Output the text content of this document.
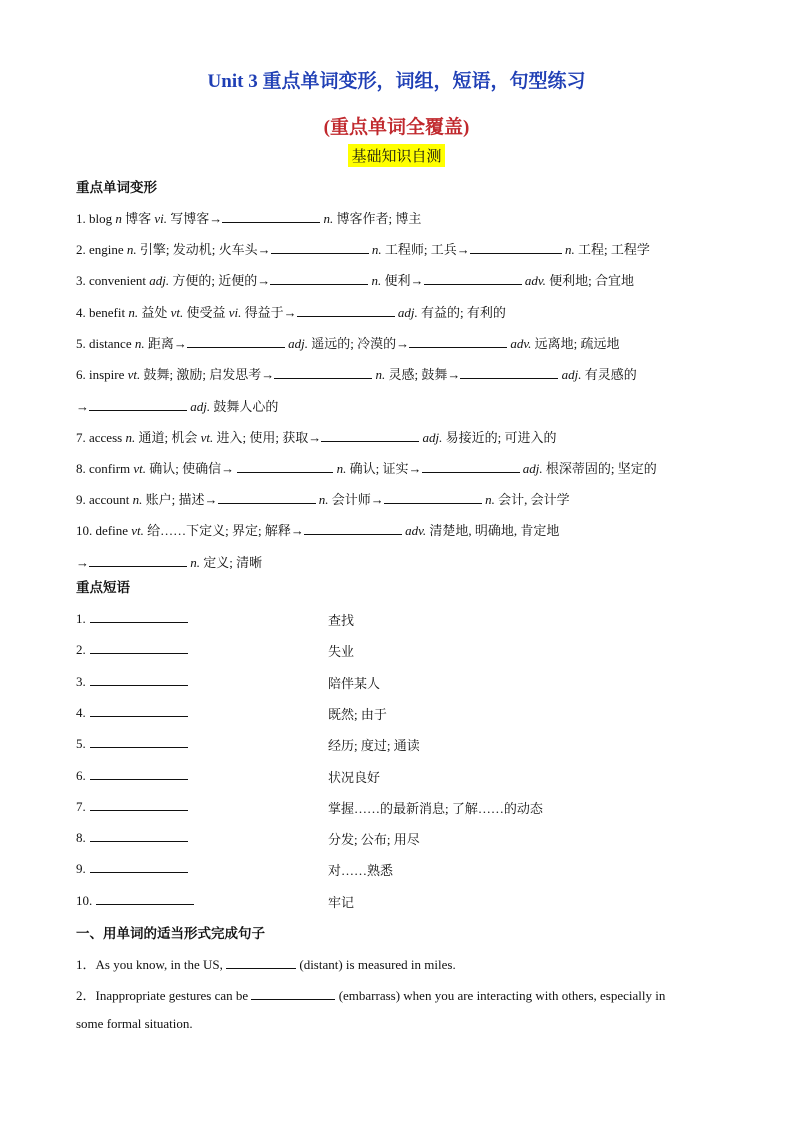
Unit 3 重点单词变形，词组，短语，句型练习
(重点单词全覆盖)
基础知识自测
重点单词变形
1. blog n 博客 vi. 写博客→	n. 博客作者; 博主
2. engine n. 引擎; 发动机; 火车头→	n. 工程师; 工兵→	n. 工程; 工程学
3. convenient adj. 方便的; 近便的→	n. 便利→	adv. 便利地; 合宜地
4. benefit n. 益处 vt. 使受益 vi. 得益于→	adj. 有益的; 有利的
5. distance n. 距离→	adj. 遥远的; 冷漠的→	adv. 远离地; 疏远地
6. inspire vt. 鼓舞; 激励; 启发思考→	n. 灵感; 鼓舞→	adj. 有灵感的
→	adj. 鼓舞人心的
7. access n. 通道; 机会 vt. 进入; 使用; 获取→	adj. 易接近的; 可进入的
8. confirm vt. 确认; 使确信→	n. 确认; 证实→	adj. 根深蒂固的; 坚定的
9. account n. 账户; 描述→	n. 会计师→	n. 会计, 会计学
10. define vt. 给……下定义; 界定; 解释→	adv. 清楚地, 明确地, 肯定地
→	n. 定义; 清晰
重点短语
1.	查找
2.	失业
3.	陪伴某人
4.	既然; 由于
5.	经历; 度过; 通读
6.	状况良好
7.	掌握……的最新消息; 了解……的动态
8.	分发; 公布; 用尽
9.	对……熟悉
10.	牢记
一、用单词的适当形式完成句子
1．As you know, in the US,	(distant) is measured in miles.
2．Inappropriate gestures can be	(embarrass) when you are interacting with others, especially in
some formal situation.
